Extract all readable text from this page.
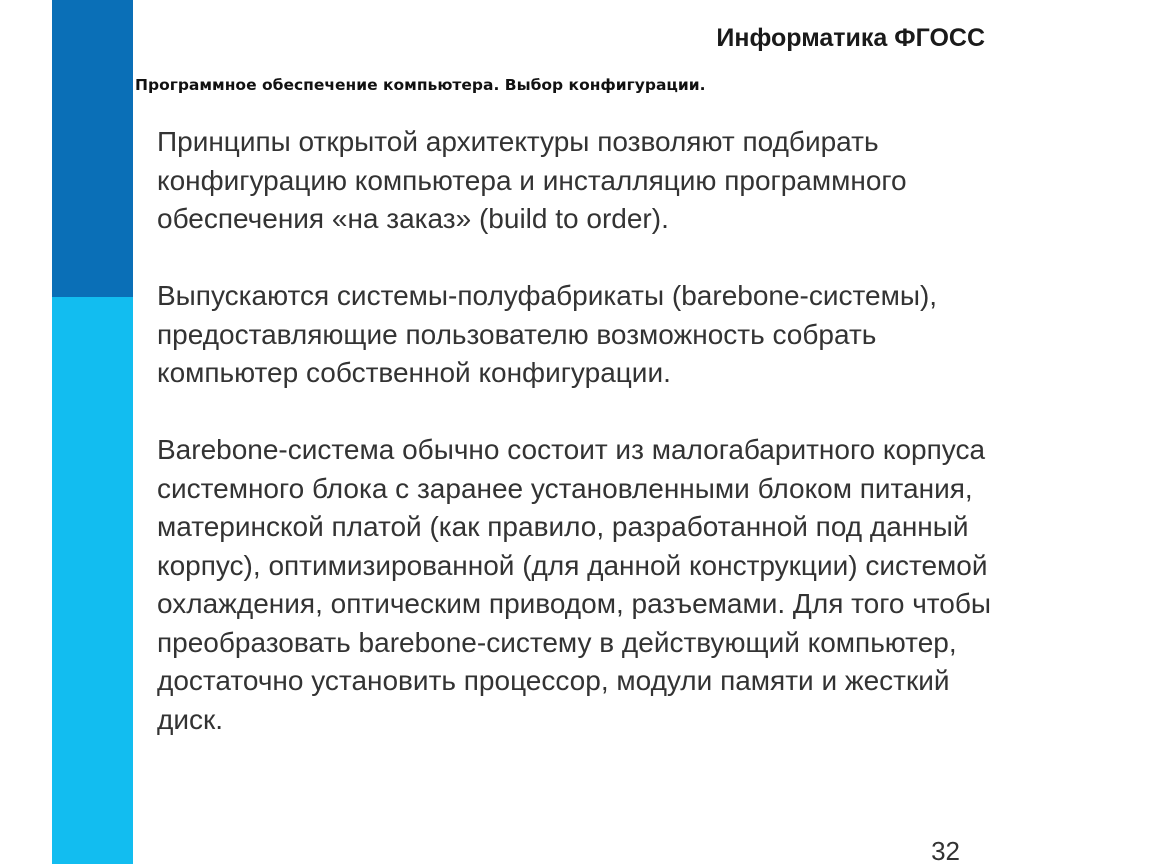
Информатика ФГОСС
Программное обеспечение компьютера. Выбор конфигурации.

Принципы открытой архитектуры позволяют подбирать
конфигурацию компьютера и инсталляцию программного
обеспечения «на заказ» (build to order).

Выпускаются системы-полуфабрикаты (barebone-системы),
предоставляющие пользователю возможность собрать
компьютер собственной конфигурации.

Barebone-система обычно состоит из малогабаритного корпуса
системного блока с заранее установленными блоком питания,
материнской платой (как правило, разработанной под данный
корпус), оптимизированной (для данной конструкции) системой
охлаждения, оптическим приводом, разъемами. Для того чтобы
преобразовать barebone-систему в действующий компьютер,
достаточно установить процессор, модули памяти и жесткий
диск.

32
